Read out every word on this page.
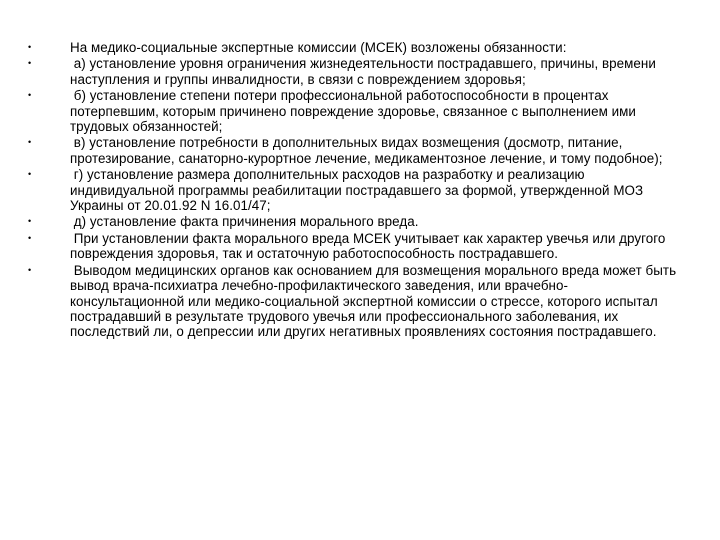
•	На медико-социальные экспертные комиссии (МСЕК) возложены обязанности:
•	а) установление уровня ограничения жизнедеятельности пострадавшего, причины, времени наступления и группы инвалидности, в связи с повреждением здоровья;
•	б) установление степени потери профессиональной работоспособности в процентах потерпевшим, которым причинено повреждение здоровье, связанное с выполнением ими трудовых обязанностей;
•	в) установление потребности в дополнительных видах возмещения (досмотр, питание, протезирование, санаторно-курортное лечение, медикаментозное лечение, и тому подобное);
•	г) установление размера дополнительных расходов на разработку и реализацию индивидуальной программы реабилитации пострадавшего за формой, утвержденной МОЗ Украины от 20.01.92 N 16.01/47;
•	д) установление факта причинения морального вреда.
•	При установлении факта морального вреда МСЕК учитывает как характер увечья или другого повреждения здоровья, так и остаточную работоспособность пострадавшего.
•	Выводом медицинских органов как основанием для возмещения морального вреда может быть вывод врача-психиатра лечебно-профилактического заведения, или врачебно-консультационной или медико-социальной экспертной комиссии о стрессе, которого испытал пострадавший в результате трудового увечья или профессионального заболевания, их последствий ли, о депрессии или других негативных проявлениях состояния пострадавшего.
